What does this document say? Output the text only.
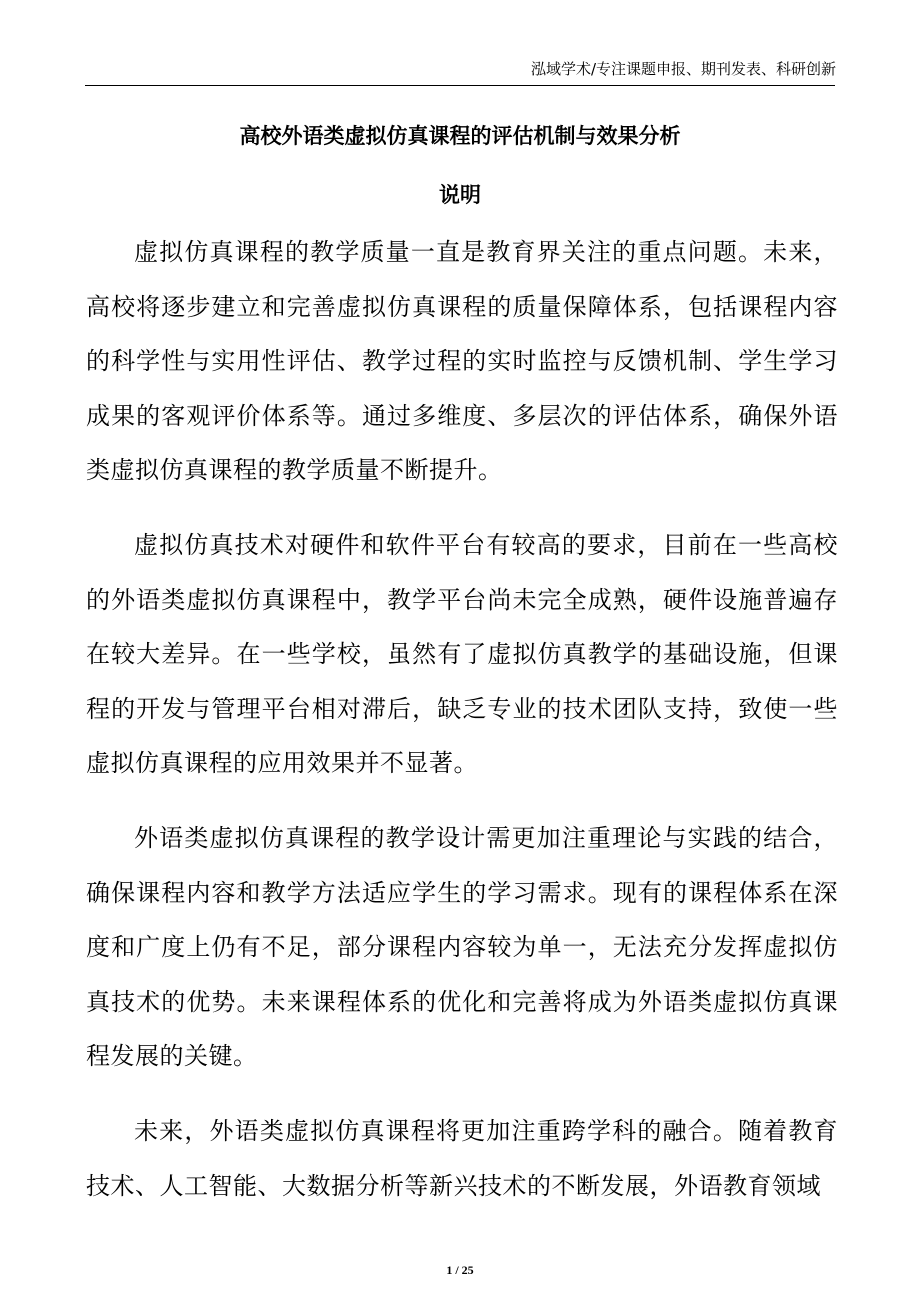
泓域学术/专注课题申报、期刊发表、科研创新
高校外语类虚拟仿真课程的评估机制与效果分析
说明

虚拟仿真课程的教学质量一直是教育界关注的重点问题。未来，高校将逐步建立和完善虚拟仿真课程的质量保障体系，包括课程内容的科学性与实用性评估、教学过程的实时监控与反馈机制、学生学习成果的客观评价体系等。通过多维度、多层次的评估体系，确保外语类虚拟仿真课程的教学质量不断提升。

虚拟仿真技术对硬件和软件平台有较高的要求，目前在一些高校的外语类虚拟仿真课程中，教学平台尚未完全成熟，硬件设施普遍存在较大差异。在一些学校，虽然有了虚拟仿真教学的基础设施，但课程的开发与管理平台相对滞后，缺乏专业的技术团队支持，致使一些虚拟仿真课程的应用效果并不显著。

外语类虚拟仿真课程的教学设计需更加注重理论与实践的结合，确保课程内容和教学方法适应学生的学习需求。现有的课程体系在深度和广度上仍有不足，部分课程内容较为单一，无法充分发挥虚拟仿真技术的优势。未来课程体系的优化和完善将成为外语类虚拟仿真课程发展的关键。

未来，外语类虚拟仿真课程将更加注重跨学科的融合。随着教育技术、人工智能、大数据分析等新兴技术的不断发展，外语教育领域

1 / 25
